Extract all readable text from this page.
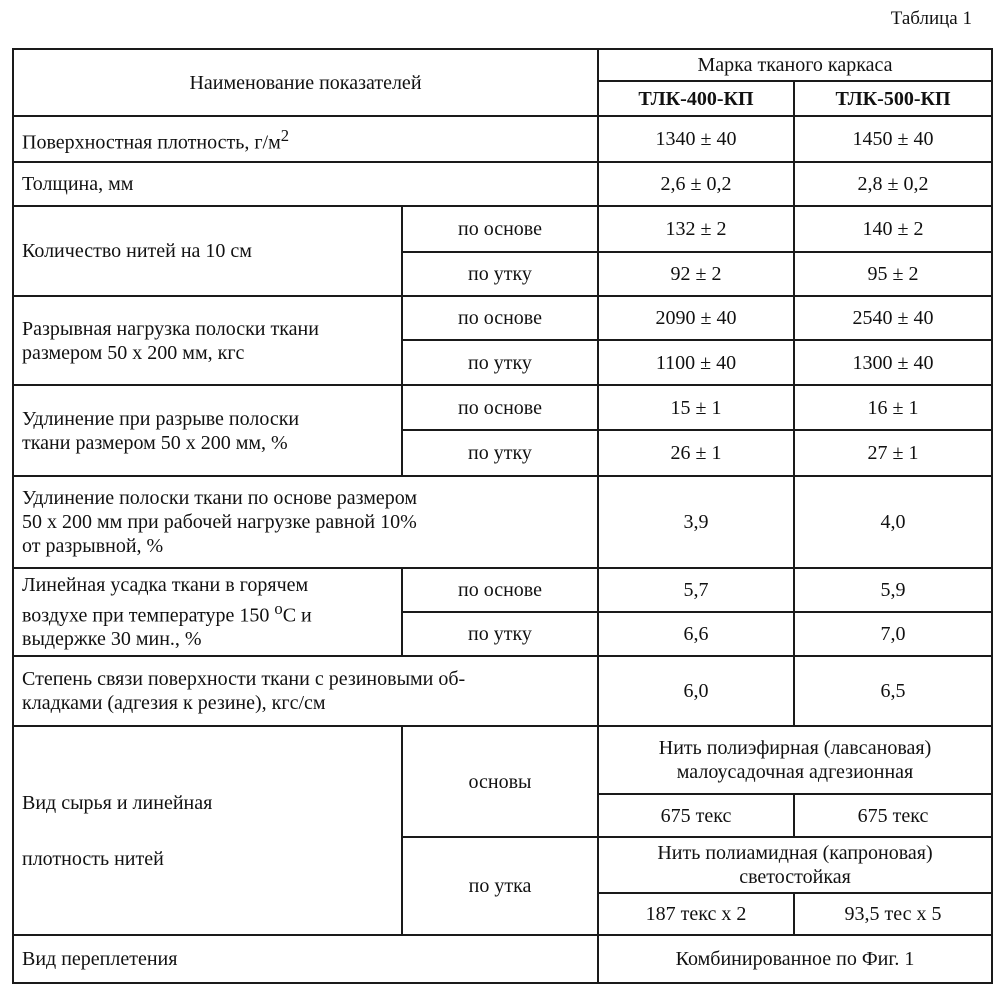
Таблица 1
Наименование показателей		Марка тканого каркаса	
		ТЛК-400-КП	ТЛК-500-КП
Поверхностная плотность, $г/м^2$		1340 ± 40	1450 ± 40
Толщина, мм		2,6 ± 0,2	2,8 ± 0,2
Количество нитей на 10 см	по основе	132 ± 2	140 ± 2
	по утку	92 ± 2	95 ± 2
Разрывная нагрузка полоски ткани
размером 50 х 200 мм, кгс	по основе	2090 ± 40	2540 ± 40
	по утку	1100 ± 40	1300 ± 40
Удлинение при разрыве полоски
ткани размером 50 х 200 мм, %	по основе	15 ± 1	16 ± 1
	по утку	26 ± 1	27 ± 1
Удлинение полоски ткани по основе размером
50 х 200 мм при рабочей нагрузке равной 10%
от разрывной, %		3,9	4,0
Линейная усадка ткани в горячем
воздухе при температуре 150 $^о$С и
выдержке 30 мин., %	по основе	5,7	5,9
	по утку	6,6	7,0
Степень связи поверхности ткани с резиновыми об-
кладками (адгезия к резине), кгс/см		6,0	6,5
Вид сырья и линейная
плотность нитей	основы	Нить полиэфирная (лавсановая)
малоусадочная адгезионная	
		675 текс	675 текс
	по утка	Нить полиамидная (капроновая)
светостойкая	
		187 текс х 2	93,5 тес х 5
Вид переплетения		Комбинированное по Фиг. 1	
